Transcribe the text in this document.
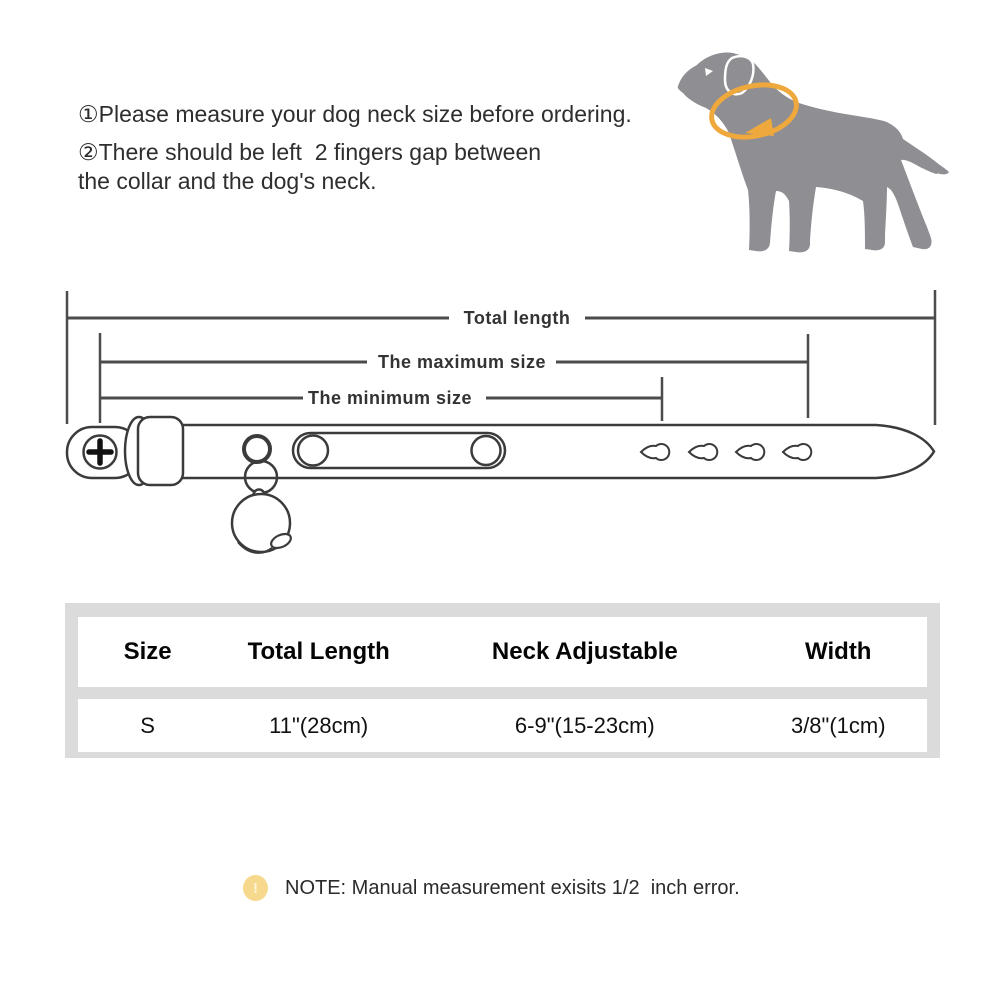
①Please measure your dog neck size before ordering.

②There should be left  2 fingers gap between

the collar and the dog's neck.

Total length
The maximum size
The minimum size
Size	Total Length	Neck Adjustable	Width
S	11"(28cm)	6-9"(15-23cm)	3/8"(1cm)
!	NOTE: Manual measurement exisits 1/2  inch error.
